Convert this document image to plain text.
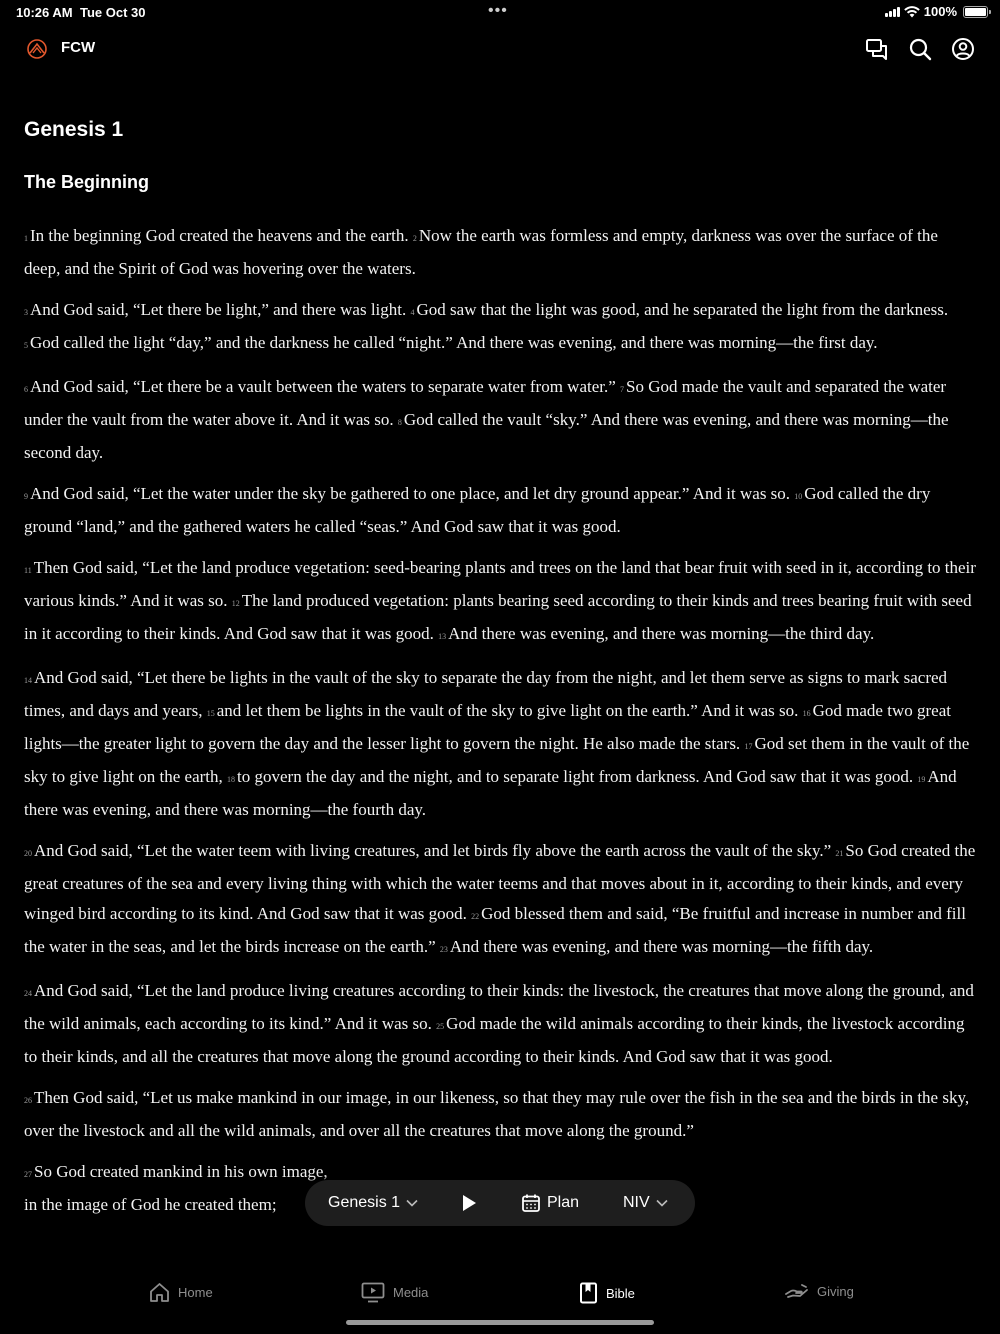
10:26 AM Tue Oct 30	•••	100%
FCW
Genesis 1
The Beginning

1 In the beginning God created the heavens and the earth. 2 Now the earth was formless and empty, darkness was over the surface of the deep, and the Spirit of God was hovering over the waters.

3 And God said, “Let there be light,” and there was light. 4 God saw that the light was good, and he separated the light from the darkness. 5 God called the light “day,” and the darkness he called “night.” And there was evening, and there was morning—the first day.

6 And God said, “Let there be a vault between the waters to separate water from water.” 7 So God made the vault and separated the water under the vault from the water above it. And it was so. 8 God called the vault “sky.” And there was evening, and there was morning—the second day.

9 And God said, “Let the water under the sky be gathered to one place, and let dry ground appear.” And it was so. 10 God called the dry ground “land,” and the gathered waters he called “seas.” And God saw that it was good.

11 Then God said, “Let the land produce vegetation: seed-bearing plants and trees on the land that bear fruit with seed in it, according to their various kinds.” And it was so. 12 The land produced vegetation: plants bearing seed according to their kinds and trees bearing fruit with seed in it according to their kinds. And God saw that it was good. 13 And there was evening, and there was morning—the third day.

14 And God said, “Let there be lights in the vault of the sky to separate the day from the night, and let them serve as signs to mark sacred times, and days and years, 15 and let them be lights in the vault of the sky to give light on the earth.” And it was so. 16 God made two great lights—the greater light to govern the day and the lesser light to govern the night. He also made the stars. 17 God set them in the vault of the sky to give light on the earth, 18 to govern the day and the night, and to separate light from darkness. And God saw that it was good. 19 And there was evening, and there was morning—the fourth day.

20 And God said, “Let the water teem with living creatures, and let birds fly above the earth across the vault of the sky.” 21 So God created the great creatures of the sea and every living thing with which the water teems and that moves about in it, according to their kinds, and every winged bird according to its kind. And God saw that it was good. 22 God blessed them and said, “Be fruitful and increase in number and fill the water in the seas, and let the birds increase on the earth.” 23 And there was evening, and there was morning—the fifth day.

24 And God said, “Let the land produce living creatures according to their kinds: the livestock, the creatures that move along the ground, and the wild animals, each according to its kind.” And it was so. 25 God made the wild animals according to their kinds, the livestock according to their kinds, and all the creatures that move along the ground according to their kinds. And God saw that it was good.

26 Then God said, “Let us make mankind in our image, in our likeness, so that they may rule over the fish in the sea and the birds in the sky, over the livestock and all the wild animals, and over all the creatures that move along the ground.”

27 So God created mankind in his own image,
in the image of God he created them;	Genesis 1	Plan	NIV
Home	Media	Bible	Giving
